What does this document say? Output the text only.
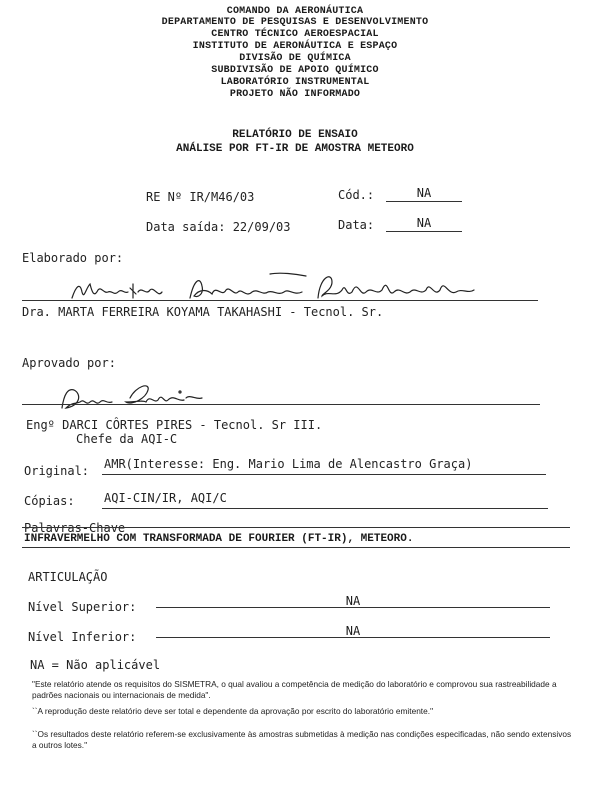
COMANDO DA AERONÁUTICA
DEPARTAMENTO DE PESQUISAS E DESENVOLVIMENTO
CENTRO TÉCNICO AEROESPACIAL
INSTITUTO DE AERONÁUTICA E ESPAÇO
DIVISÃO DE QUÍMICA
SUBDIVISÃO DE APOIO QUÍMICO
LABORATÓRIO INSTRUMENTAL
PROJETO NÃO INFORMADO
RELATÓRIO DE ENSAIO
ANÁLISE POR FT-IR DE AMOSTRA METEORO
RE Nº IR/M46/03	Cód.:	NA
Data saída: 22/09/03	Data:	NA
Elaborado por:
Dra. MARTA FERREIRA KOYAMA TAKAHASHI - Tecnol. Sr.
Aprovado por:
Engº DARCI CÔRTES PIRES - Tecnol. Sr III.
Chefe da AQI-C
Original: AMR(Interesse: Eng. Mario Lima de Alencastro Graça)
Cópias: AQI-CIN/IR, AQI/C
Palavras-Chave
INFRAVERMELHO COM TRANSFORMADA DE FOURIER (FT-IR), METEORO.
ARTICULAÇÃO
Nível Superior:	NA
Nível Inferior:	NA
NA = Não aplicável
"Este relatório atende os requisitos do SISMETRA, o qual avaliou a competência de medição do laboratório e comprovou sua rastreabilidade a padrões nacionais ou internacionais de medida".
``A reprodução deste relatório deve ser total e dependente da aprovação por escrito do laboratório emitente.''
``Os resultados deste relatório referem-se exclusivamente às amostras submetidas à medição nas condições especificadas, não sendo extensivos a outros lotes.''
